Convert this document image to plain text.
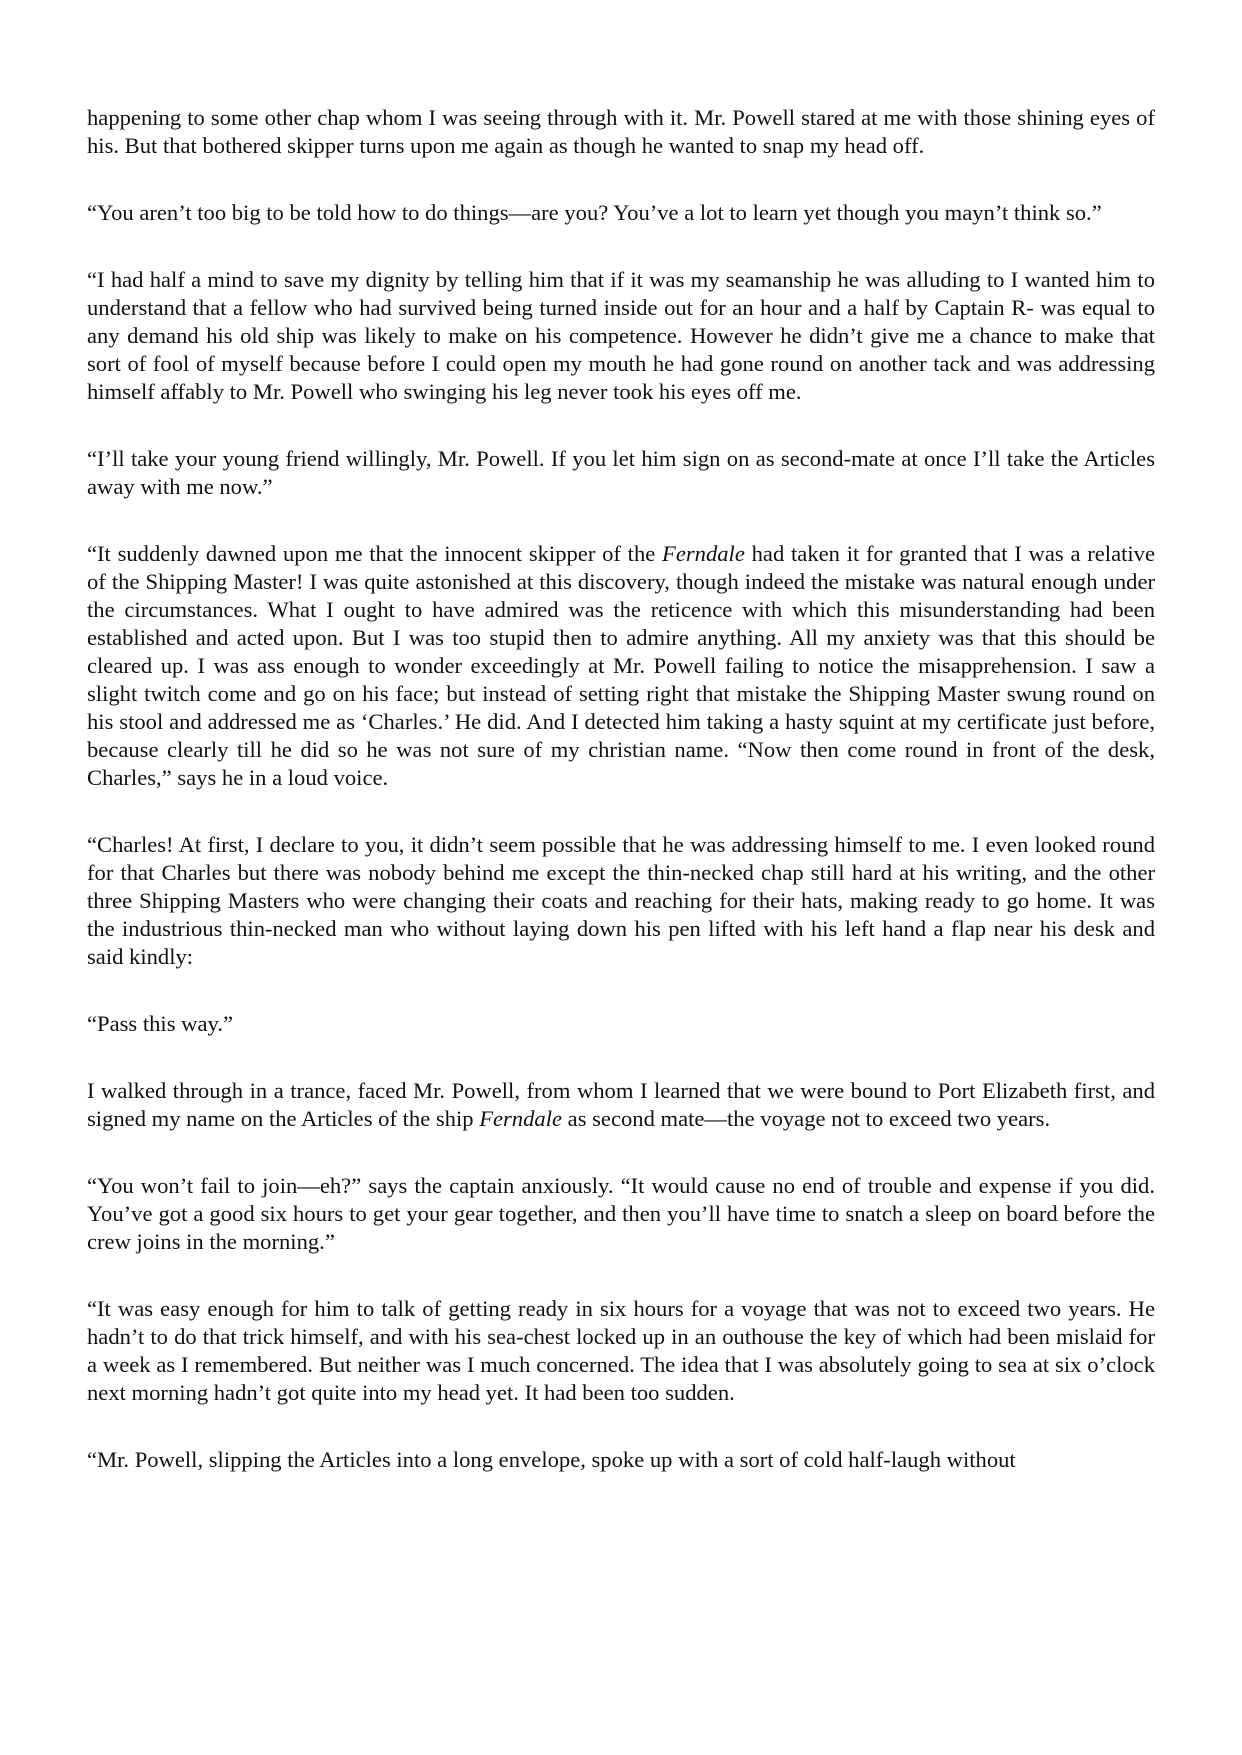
happening to some other chap whom I was seeing through with it. Mr. Powell stared at me with those shining eyes of his. But that bothered skipper turns upon me again as though he wanted to snap my head off.

“You aren’t too big to be told how to do things—are you? You’ve a lot to learn yet though you mayn’t think so.”

“I had half a mind to save my dignity by telling him that if it was my seamanship he was alluding to I wanted him to understand that a fellow who had survived being turned inside out for an hour and a half by Captain R- was equal to any demand his old ship was likely to make on his competence. However he didn’t give me a chance to make that sort of fool of myself because before I could open my mouth he had gone round on another tack and was addressing himself affably to Mr. Powell who swinging his leg never took his eyes off me.

“I’ll take your young friend willingly, Mr. Powell. If you let him sign on as second-mate at once I’ll take the Articles away with me now.”

“It suddenly dawned upon me that the innocent skipper of the Ferndale had taken it for granted that I was a relative of the Shipping Master! I was quite astonished at this discovery, though indeed the mistake was natural enough under the circumstances. What I ought to have admired was the reticence with which this misunderstanding had been established and acted upon. But I was too stupid then to admire anything. All my anxiety was that this should be cleared up. I was ass enough to wonder exceedingly at Mr. Powell failing to notice the misapprehension. I saw a slight twitch come and go on his face; but instead of setting right that mistake the Shipping Master swung round on his stool and addressed me as ‘Charles.’ He did. And I detected him taking a hasty squint at my certificate just before, because clearly till he did so he was not sure of my christian name. “Now then come round in front of the desk, Charles,” says he in a loud voice.

“Charles! At first, I declare to you, it didn’t seem possible that he was addressing himself to me. I even looked round for that Charles but there was nobody behind me except the thin-necked chap still hard at his writing, and the other three Shipping Masters who were changing their coats and reaching for their hats, making ready to go home. It was the industrious thin-necked man who without laying down his pen lifted with his left hand a flap near his desk and said kindly:

“Pass this way.”

I walked through in a trance, faced Mr. Powell, from whom I learned that we were bound to Port Elizabeth first, and signed my name on the Articles of the ship Ferndale as second mate—the voyage not to exceed two years.

“You won’t fail to join—eh?” says the captain anxiously. “It would cause no end of trouble and expense if you did. You’ve got a good six hours to get your gear together, and then you’ll have time to snatch a sleep on board before the crew joins in the morning.”

“It was easy enough for him to talk of getting ready in six hours for a voyage that was not to exceed two years. He hadn’t to do that trick himself, and with his sea-chest locked up in an outhouse the key of which had been mislaid for a week as I remembered. But neither was I much concerned. The idea that I was absolutely going to sea at six o’clock next morning hadn’t got quite into my head yet. It had been too sudden.

“Mr. Powell, slipping the Articles into a long envelope, spoke up with a sort of cold half-laugh without
